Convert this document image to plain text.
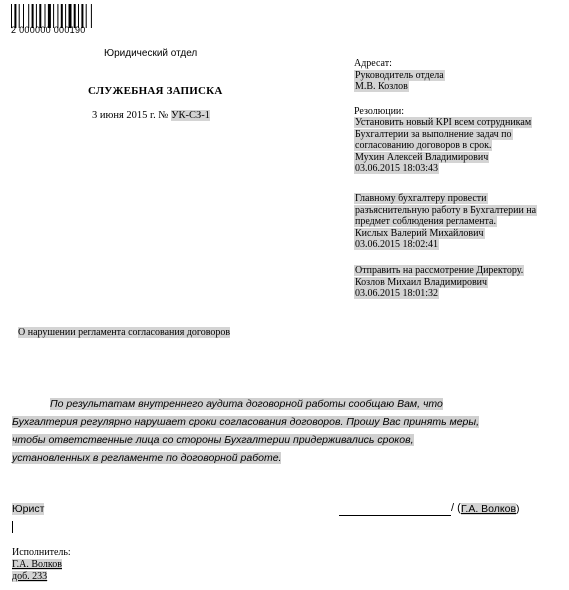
2 000000 000190
Юридический отдел
СЛУЖЕБНАЯ ЗАПИСКА
3 июня 2015 г. № УК-СЗ-1
Адресат:
Руководитель отдела
М.В. Козлов
Резолюции:
Установить новый KPI всем сотрудникам
Бухгалтерии за выполнение задач по
согласованию договоров в срок.
Мухин Алексей Владимирович
03.06.2015 18:03:43
Главному бухгалтеру провести
разъяснительную работу в Бухгалтерии на
предмет соблюдения регламента.
Кислых Валерий Михайлович
03.06.2015 18:02:41
Отправить на рассмотрение Директору.
Козлов Михаил Владимирович
03.06.2015 18:01:32
О нарушении регламента согласования договоров
По результатам внутреннего аудита договорной работы сообщаю Вам, что
Бухгалтерия регулярно нарушает сроки согласования договоров. Прошу Вас принять меры,
чтобы ответственные лица со стороны Бухгалтерии придерживались сроков,
установленных в регламенте по договорной работе.
Юрист	/ ( Г.А. Волков)
Исполнитель:
Г.А. Волков
доб. 233
